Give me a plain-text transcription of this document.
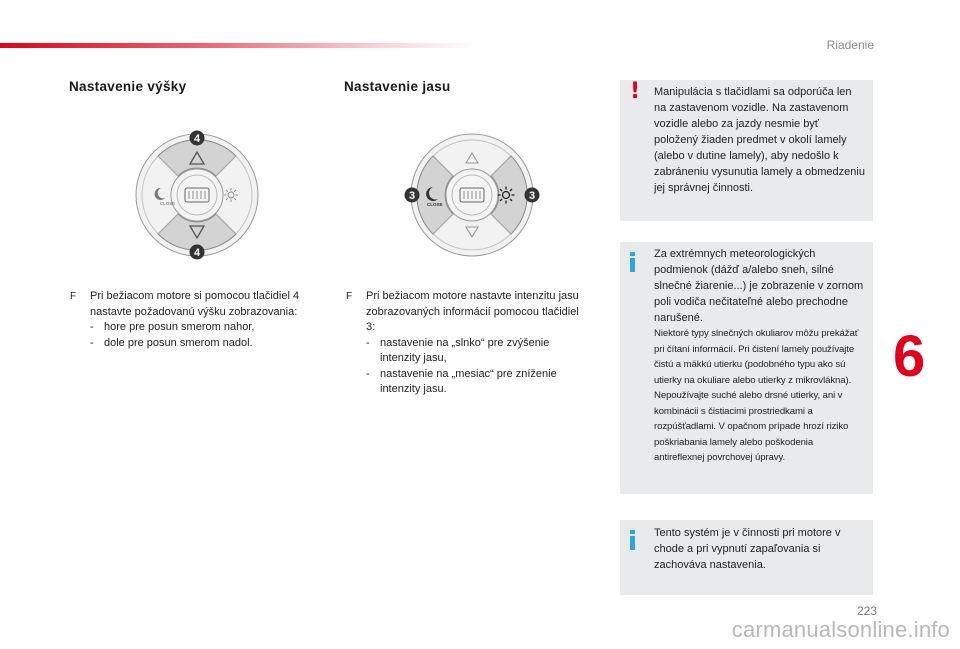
Riadenie
Nastavenie výšky
CLOSE
4
4
F	Pri bežiacom motore si pomocou tlačidiel 4 nastavte požadovanú výšku zobrazovania:
- hore pre posun smerom nahor,
- dole pre posun smerom nadol.
Nastavenie jasu
CLOSE
3	3
F	Pri bežiacom motore nastavte intenzitu jasu zobrazovaných informácií pomocou tlačidiel 3:
- nastavenie na „slnko“ pre zvýšenie intenzity jasu,
- nastavenie na „mesiac“ pre zníženie intenzity jasu.
! Manipulácia s tlačidlami sa odporúča len na zastavenom vozidle. Na zastavenom vozidle alebo za jazdy nesmie byť položený žiaden predmet v okolí lamely (alebo v dutine lamely), aby nedošlo k zabráneniu vysunutia lamely a obmedzeniu jej správnej činnosti.
Za extrémnych meteorologických podmienok (dážď a/alebo sneh, silné slnečné žiarenie...) je zobrazenie v zornom poli vodiča nečitateľné alebo prechodne narušené.
Niektoré typy slnečných okuliarov môžu prekážať pri čítaní informácií. Pri čistení lamely používajte čistú a mäkkú utierku (podobného typu ako sú utierky na okuliare alebo utierky z mikrovlákna). Nepoužívajte suché alebo drsné utierky, ani v kombinácii s čistiacimi prostriedkami a rozpúšťadlami. V opačnom prípade hrozí riziko poškriabania lamely alebo poškodenia antireflexnej povrchovej úpravy.
Tento systém je v činnosti pri motore v chode a pri vypnutí zapaľovania si zachováva nastavenia.
6
223
carmanualsonline.info
